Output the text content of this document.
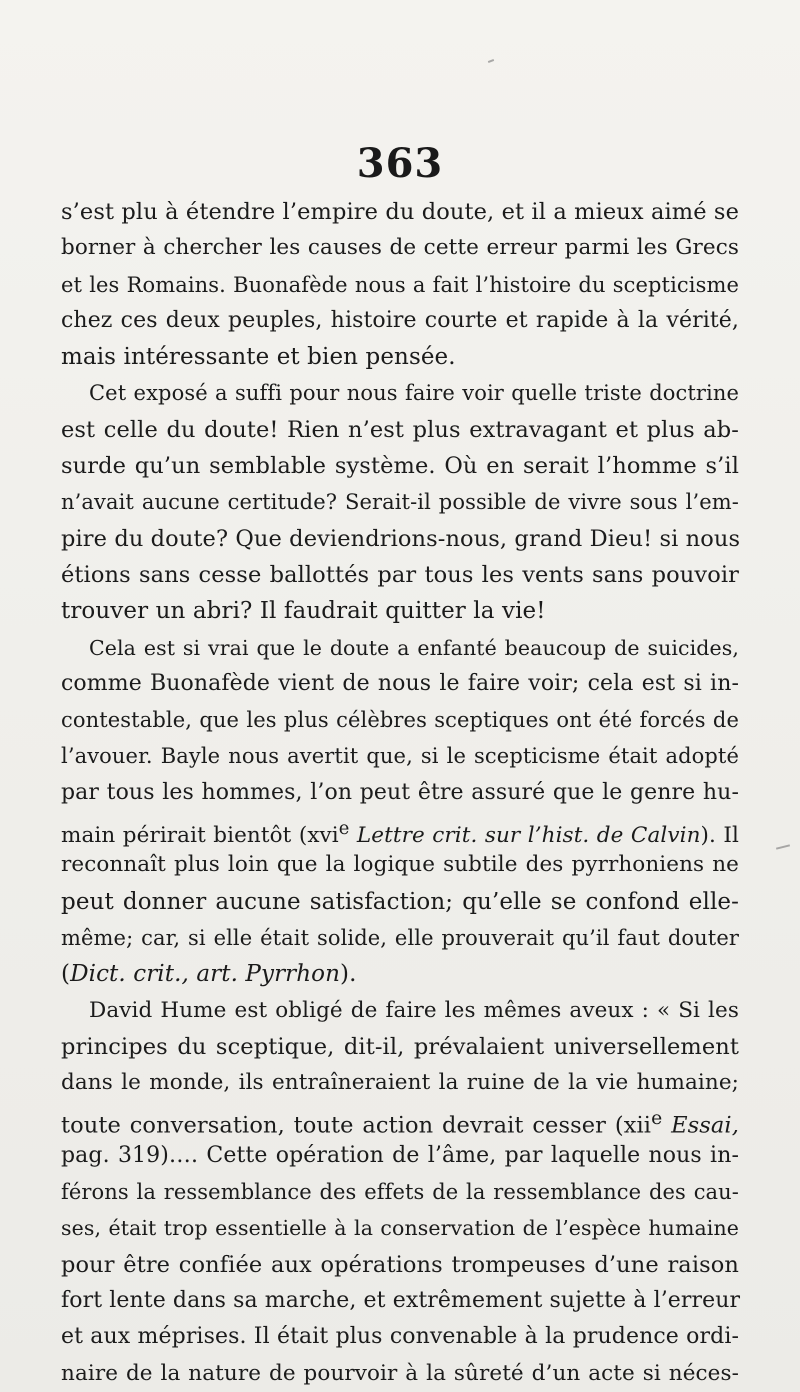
363
s’est plu à étendre l’empire du doute, et il a mieux aimé se
borner à chercher les causes de cette erreur parmi les Grecs
et les Romains. Buonafède nous a fait l’histoire du scepticisme
chez ces deux peuples, histoire courte et rapide à la vérité,
mais intéressante et bien pensée.
Cet exposé a suffi pour nous faire voir quelle triste doctrine
est celle du doute! Rien n’est plus extravagant et plus ab-
surde qu’un semblable système. Où en serait l’homme s’il
n’avait aucune certitude? Serait-il possible de vivre sous l’em-
pire du doute? Que deviendrions-nous, grand Dieu! si nous
étions sans cesse ballottés par tous les vents sans pouvoir
trouver un abri? Il faudrait quitter la vie!
Cela est si vrai que le doute a enfanté beaucoup de suicides,
comme Buonafède vient de nous le faire voir; cela est si in-
contestable, que les plus célèbres sceptiques ont été forcés de
l’avouer. Bayle nous avertit que, si le scepticisme était adopté
par tous les hommes, l’on peut être assuré que le genre hu-
main périrait bientôt (xvi$^e$ Lettre crit. sur l’hist. de Calvin). Il
reconnaît plus loin que la logique subtile des pyrrhoniens ne
peut donner aucune satisfaction; qu’elle se confond elle-
même; car, si elle était solide, elle prouverait qu’il faut douter
(Dict. crit., art. Pyrrhon).
David Hume est obligé de faire les mêmes aveux : « Si les
principes du sceptique, dit-il, prévalaient universellement
dans le monde, ils entraîneraient la ruine de la vie humaine;
toute conversation, toute action devrait cesser (xii$^e$ Essai,
pag. 319)…. Cette opération de l’âme, par laquelle nous in-
férons la ressemblance des effets de la ressemblance des cau-
ses, était trop essentielle à la conservation de l’espèce humaine
pour être confiée aux opérations trompeuses d’une raison
fort lente dans sa marche, et extrêmement sujette à l’erreur
et aux méprises. Il était plus convenable à la prudence ordi-
naire de la nature de pourvoir à la sûreté d’un acte si néces-
